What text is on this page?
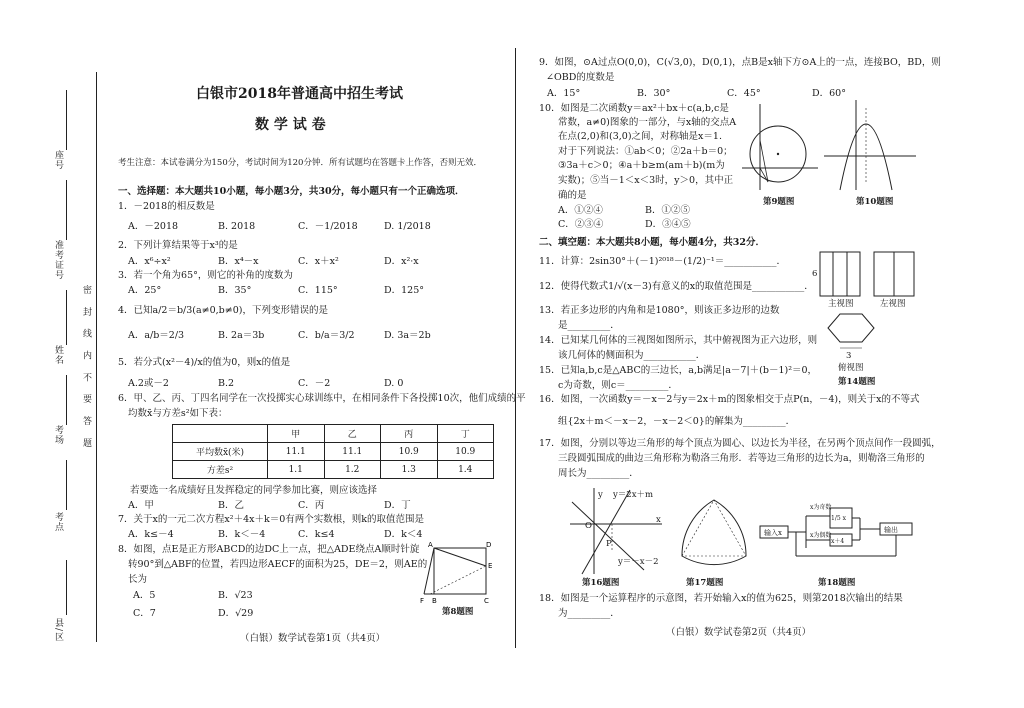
座号
准考证号
姓名
考场
考点
县/区
密 封 线 内 不 要 答 题
白银市2018年普通高中招生考试
数 学 试 卷
考生注意：本试卷满分为150分，考试时间为120分钟．所有试题均在答题卡上作答，否则无效．
一、选择题：本大题共10小题，每小题3分，共30分，每小题只有一个正确选项．
1．－2018的相反数是
A．－2018	B. 2018	C．－1/2018	D. 1/2018
2．下列计算结果等于x³的是
A．x⁶÷x²	B．x⁴－x	C．x＋x²	D．x²·x
3．若一个角为65°，则它的补角的度数为
A．25°	B．35°	C．115°	D．125°
4．已知a/2＝b/3(a≠0,b≠0)，下列变形错误的是
A．a/b＝2/3	B. 2a＝3b	C．b/a＝3/2	D. 3a＝2b
5．若分式(x²－4)/x的值为0，则x的值是
A.2或－2	B.2	C．－2	D. 0
6．甲、乙、丙、丁四名同学在一次投掷实心球训练中，在相同条件下各投掷10次，他们成绩的平
均数x̄与方差s²如下表：
	甲	乙	丙	丁
平均数x̄(米)	11.1	11.1	10.9	10.9
方差s²	1.1	1.2	1.3	1.4
若要选一名成绩好且发挥稳定的同学参加比赛，则应该选择
A．甲	B．乙	C．丙	D．丁
7．关于x的一元二次方程x²＋4x＋k＝0有两个实数根，则k的取值范围是
A．k≤－4	B．k＜－4	C．k≤4	D．k＜4
8．如图，点E是正方形ABCD的边DC上一点，把△ADE绕点A顺时针旋
转90°到△ABF的位置，若四边形AECF的面积为25，DE＝2，则AE的
长为
A．5	B．√23
C．7	D．√29
A	D
E
F B	C
第8题图
（白银）数学试卷第1页（共4页）
9．如图，⊙A过点O(0,0)，C(√3,0)，D(0,1)，点B是x轴下方⊙A上的一点，连接BO，BD，则
∠OBD的度数是
A．15°	B．30°	C．45°	D．60°
10．如图是二次函数y＝ax²＋bx＋c(a,b,c是
常数，a≠0)图象的一部分，与x轴的交点A
在点(2,0)和(3,0)之间，对称轴是x＝1.
对于下列说法：①ab＜0；②2a＋b＝0；
③3a＋c＞0；④a＋b≥m(am＋b)(m为
实数)；⑤当－1＜x＜3时，y＞0，其中正
确的是
A．①②④	B．①②⑤
C．②③④	D．③④⑤
第9题图	第10题图
二、填空题：本大题共8小题，每小题4分，共32分．
11．计算：2sin30°＋(－1)²⁰¹⁸－(1/2)⁻¹＝___________．
12．使得代数式1/√(x－3)有意义的x的取值范围是___________．
13．若正多边形的内角和是1080°，则该正多边形的边数
是_________．
14．已知某几何体的三视图如图所示，其中俯视图为正六边形，则
该几何体的侧面积为___________．
15．已知a,b,c是△ABC的三边长，a,b满足|a－7|＋(b－1)²＝0，
c为奇数，则c＝_________．
16．如图，一次函数y＝－x－2与y＝2x＋m的图象相交于点P(n，－4)，则关于x的不等式
组{2x＋m＜－x－2，－x－2＜0}的解集为_________．
17．如图，分别以等边三角形的每个顶点为圆心、以边长为半径，在另两个顶点间作一段圆弧，
三段圆弧围成的曲边三角形称为勒洛三角形．若等边三角形的边长为a，则勒洛三角形的
周长为_________．
6
3
主视图	左视图
俯视图
第14题图
y＝2x＋m
y＝－x－2
O
P
x
y
第16题图	第17题图
输入x	输出
x为奇数
x为偶数
1/5 x
x＋4
第18题图
18．如图是一个运算程序的示意图，若开始输入x的值为625，则第2018次输出的结果
为_________．
（白银）数学试卷第2页（共4页）
